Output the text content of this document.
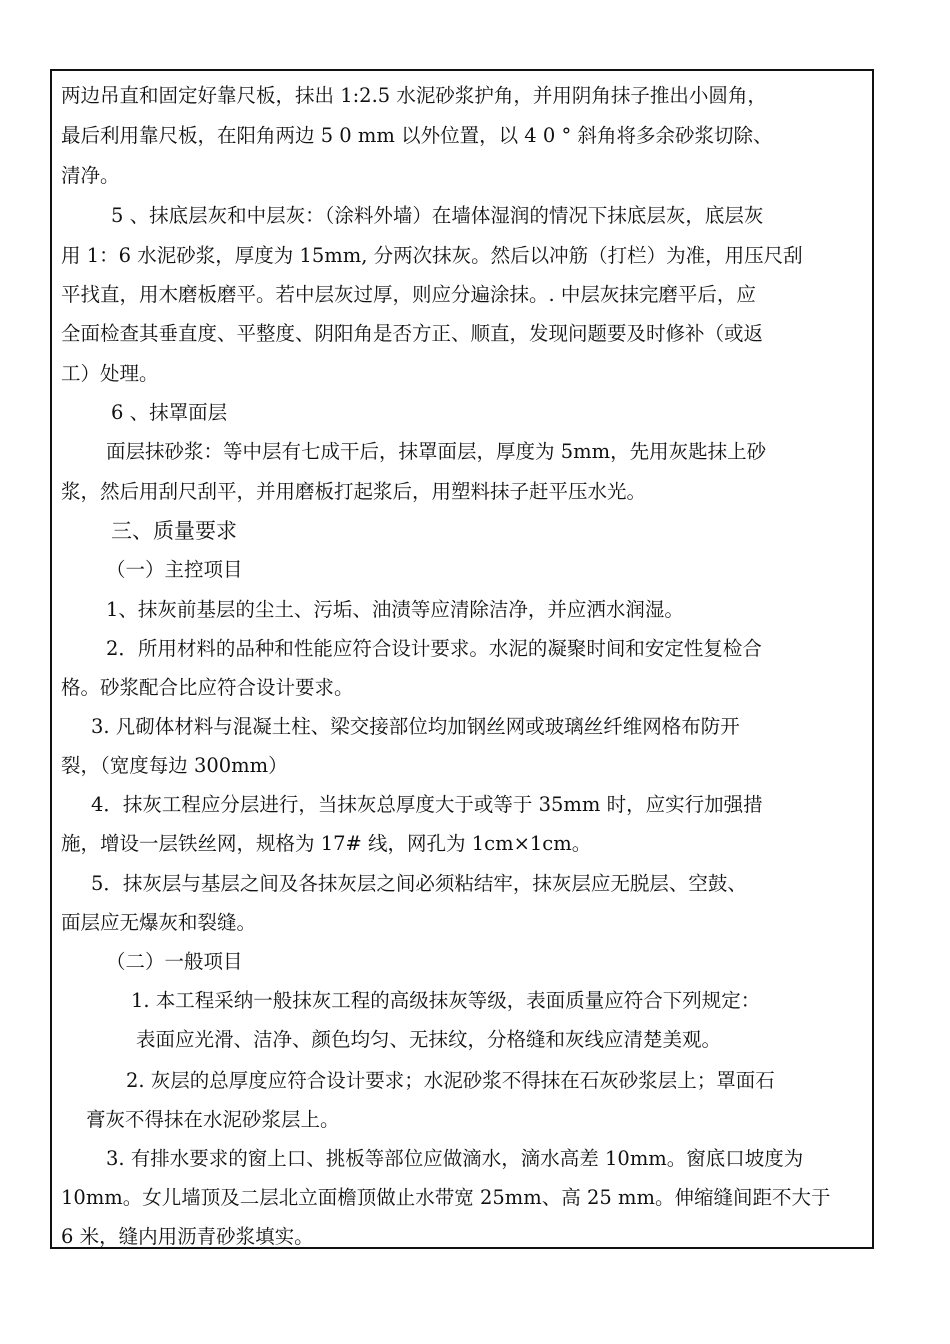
两边吊直和固定好靠尺板，抹出 1:2.5 水泥砂浆护角，并用阴角抹子推出小圆角，
最后利用靠尺板，在阳角两边 5 0 mm 以外位置，以 4 0 ° 斜角将多余砂浆切除、
清净。
5 、抹底层灰和中层灰：（涂料外墙）在墙体湿润的情况下抹底层灰，底层灰
用 1：6 水泥砂浆，厚度为 15mm, 分两次抹灰。然后以冲筋（打栏）为准，用压尺刮
平找直，用木磨板磨平。若中层灰过厚，则应分遍涂抹。. 中层灰抹完磨平后，应
全面检查其垂直度、平整度、阴阳角是否方正、顺直，发现问题要及时修补（或返
工）处理。
6 、抹罩面层
面层抹砂浆：等中层有七成干后，抹罩面层，厚度为 5mm，先用灰匙抹上砂
浆，然后用刮尺刮平，并用磨板打起浆后，用塑料抹子赶平压水光。
三、质量要求
（一）主控项目
1、抹灰前基层的尘土、污垢、油渍等应清除洁净，并应洒水润湿。
2．所用材料的品种和性能应符合设计要求。水泥的凝聚时间和安定性复检合
格。砂浆配合比应符合设计要求。
3. 凡砌体材料与混凝土柱、梁交接部位均加钢丝网或玻璃丝纤维网格布防开
裂，（宽度每边 300mm）
4．抹灰工程应分层进行，当抹灰总厚度大于或等于 35mm 时，应实行加强措
施，增设一层铁丝网，规格为 17# 线，网孔为 1cm×1cm。
5．抹灰层与基层之间及各抹灰层之间必须粘结牢，抹灰层应无脱层、空鼓、
面层应无爆灰和裂缝。
（二）一般项目
1. 本工程采纳一般抹灰工程的高级抹灰等级，表面质量应符合下列规定：
表面应光滑、洁净、颜色均匀、无抹纹，分格缝和灰线应清楚美观。
2. 灰层的总厚度应符合设计要求；水泥砂浆不得抹在石灰砂浆层上；罩面石
膏灰不得抹在水泥砂浆层上。
3. 有排水要求的窗上口、挑板等部位应做滴水，滴水高差 10mm。窗底口坡度为
10mm。女儿墙顶及二层北立面檐顶做止水带宽 25mm、高 25 mm。伸缩缝间距不大于
6 米，缝内用沥青砂浆填实。
